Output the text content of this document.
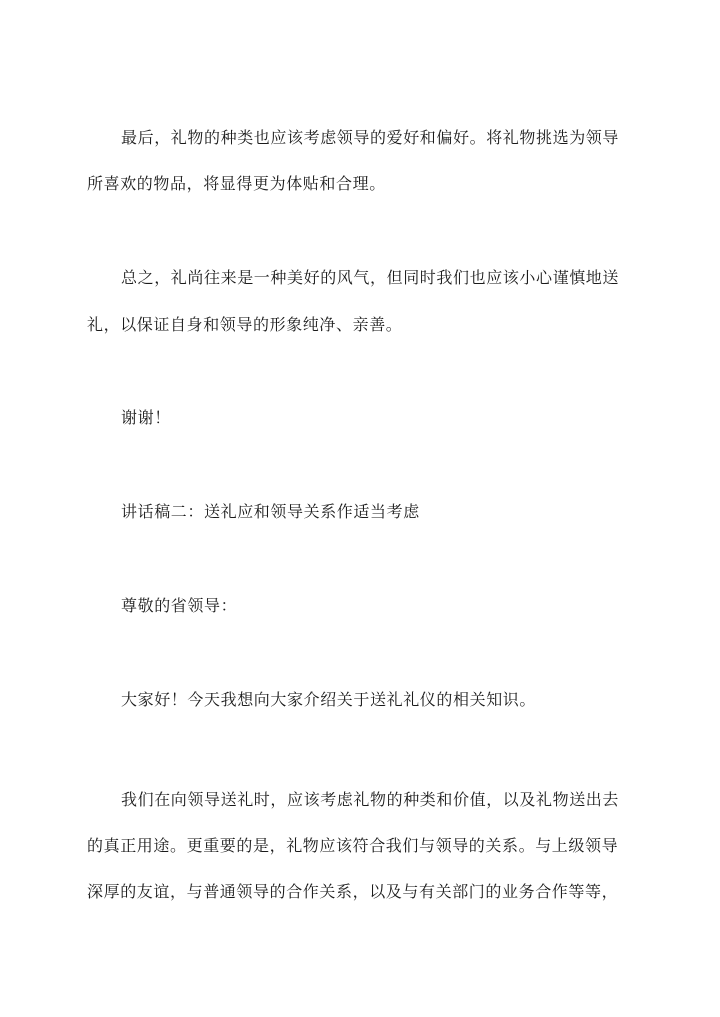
最后，礼物的种类也应该考虑领导的爱好和偏好。将礼物挑选为领导
所喜欢的物品，将显得更为体贴和合理。
总之，礼尚往来是一种美好的风气，但同时我们也应该小心谨慎地送
礼，以保证自身和领导的形象纯净、亲善。
谢谢！
讲话稿二：送礼应和领导关系作适当考虑
尊敬的省领导：
大家好！今天我想向大家介绍关于送礼礼仪的相关知识。
我们在向领导送礼时，应该考虑礼物的种类和价值，以及礼物送出去
的真正用途。更重要的是，礼物应该符合我们与领导的关系。与上级领导
深厚的友谊，与普通领导的合作关系，以及与有关部门的业务合作等等，
